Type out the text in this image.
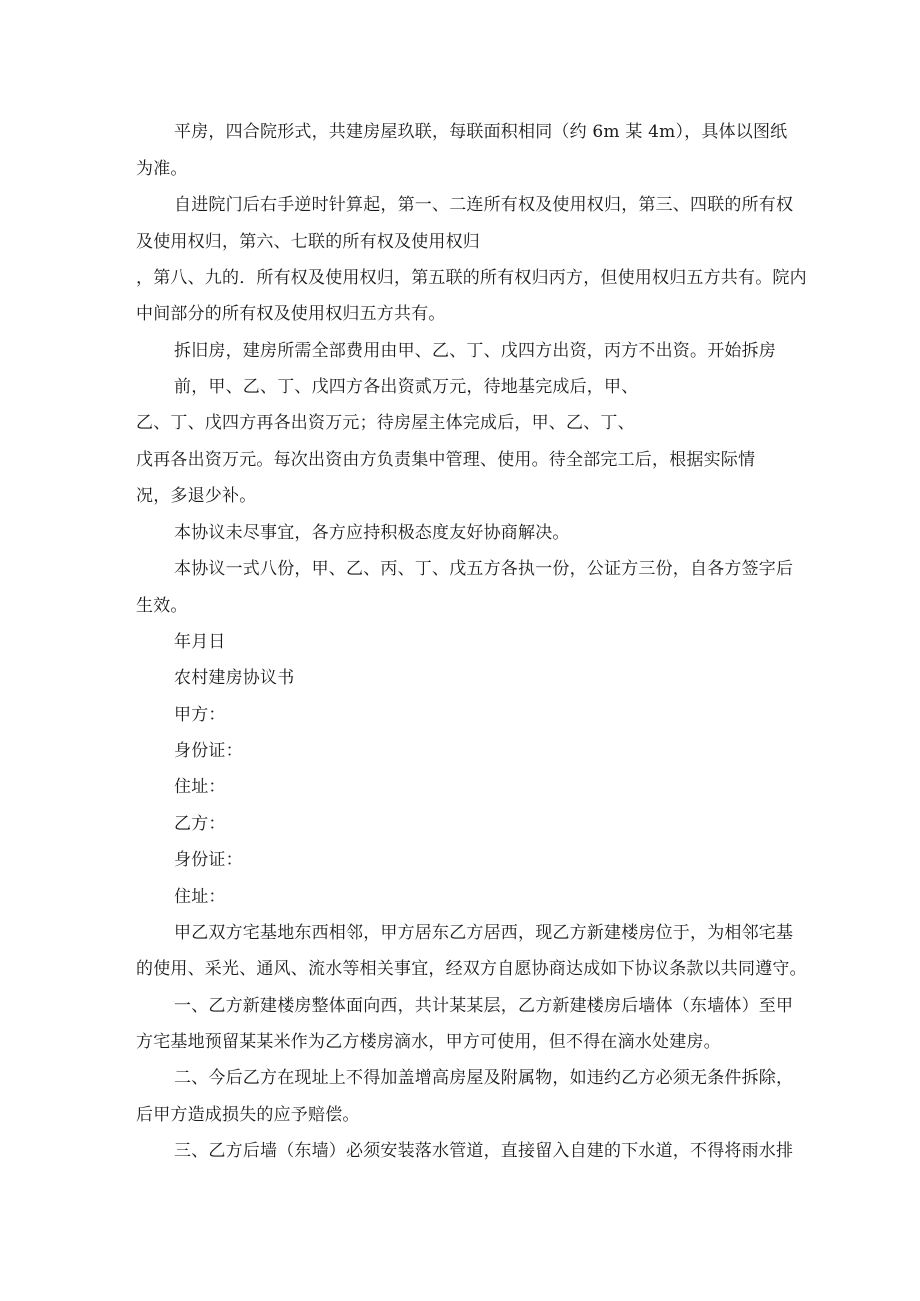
平房，四合院形式，共建房屋玖联，每联面积相同（约 6m 某 4m），具体以图纸
为准。
自进院门后右手逆时针算起，第一、二连所有权及使用权归，第三、四联的所有权
及使用权归，第六、七联的所有权及使用权归
，第八、九的．所有权及使用权归，第五联的所有权归丙方，但使用权归五方共有。院内
中间部分的所有权及使用权归五方共有。
拆旧房，建房所需全部费用由甲、乙、丁、戊四方出资，丙方不出资。开始拆房
前，甲、乙、丁、戊四方各出资贰万元，待地基完成后，甲、
乙、丁、戊四方再各出资万元；待房屋主体完成后，甲、乙、丁、
戊再各出资万元。每次出资由方负责集中管理、使用。待全部完工后，根据实际情
况，多退少补。
本协议未尽事宜，各方应持积极态度友好协商解决。
本协议一式八份，甲、乙、丙、丁、戊五方各执一份，公证方三份，自各方签字后
生效。
年月日
农村建房协议书
甲方：
身份证：
住址：
乙方：
身份证：
住址：
甲乙双方宅基地东西相邻，甲方居东乙方居西，现乙方新建楼房位于，为相邻宅基
的使用、采光、通风、流水等相关事宜，经双方自愿协商达成如下协议条款以共同遵守。
一、乙方新建楼房整体面向西，共计某某层，乙方新建楼房后墙体（东墙体）至甲
方宅基地预留某某米作为乙方楼房滴水，甲方可使用，但不得在滴水处建房。
二、今后乙方在现址上不得加盖增高房屋及附属物，如违约乙方必须无条件拆除，
后甲方造成损失的应予赔偿。
三、乙方后墙（东墙）必须安装落水管道，直接留入自建的下水道，不得将雨水排
